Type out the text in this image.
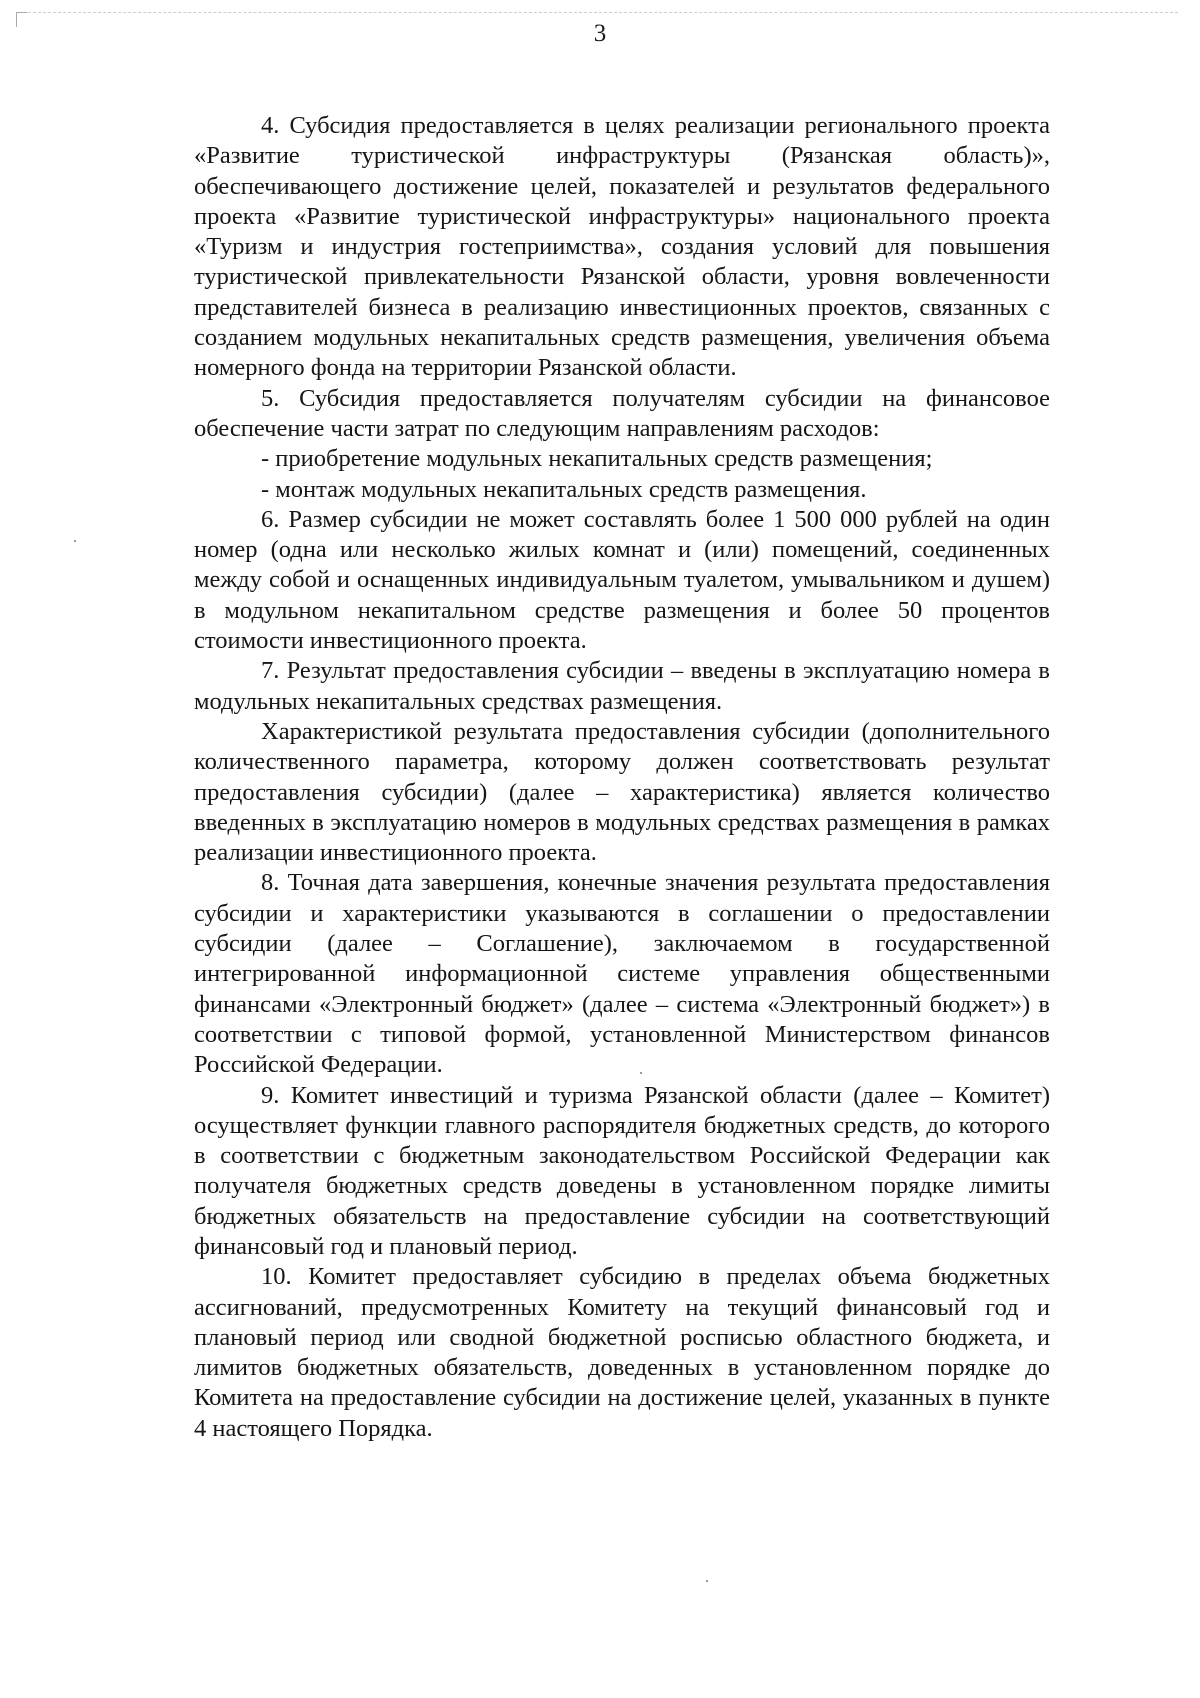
3

4. Субсидия предоставляется в целях реализации регионального проекта «Развитие туристической инфраструктуры (Рязанская область)», обеспечивающего достижение целей, показателей и результатов федерального проекта «Развитие туристической инфраструктуры» национального проекта «Туризм и индустрия гостеприимства», создания условий для повышения туристической привлекательности Рязанской области, уровня вовлеченности представителей бизнеса в реализацию инвестиционных проектов, связанных с созданием модульных некапитальных средств размещения, увеличения объема номерного фонда на территории Рязанской области.

5. Субсидия предоставляется получателям субсидии на финансовое обеспечение части затрат по следующим направлениям расходов:

- приобретение модульных некапитальных средств размещения;

- монтаж модульных некапитальных средств размещения.

6. Размер субсидии не может составлять более 1 500 000 рублей на один номер (одна или несколько жилых комнат и (или) помещений, соединенных между собой и оснащенных индивидуальным туалетом, умывальником и душем) в модульном некапитальном средстве размещения и более 50 процентов стоимости инвестиционного проекта.

7. Результат предоставления субсидии – введены в эксплуатацию номера в модульных некапитальных средствах размещения.

Характеристикой результата предоставления субсидии (дополнительного количественного параметра, которому должен соответствовать результат предоставления субсидии) (далее – характеристика) является количество введенных в эксплуатацию номеров в модульных средствах размещения в рамках реализации инвестиционного проекта.

8. Точная дата завершения, конечные значения результата предоставления субсидии и характеристики указываются в соглашении о предоставлении субсидии (далее – Соглашение), заключаемом в государственной интегрированной информационной системе управления общественными финансами «Электронный бюджет» (далее – система «Электронный бюджет») в соответствии с типовой формой, установленной Министерством финансов Российской Федерации.

9. Комитет инвестиций и туризма Рязанской области (далее – Комитет) осуществляет функции главного распорядителя бюджетных средств, до которого в соответствии с бюджетным законодательством Российской Федерации как получателя бюджетных средств доведены в установленном порядке лимиты бюджетных обязательств на предоставление субсидии на соответствующий финансовый год и плановый период.

10. Комитет предоставляет субсидию в пределах объема бюджетных ассигнований, предусмотренных Комитету на текущий финансовый год и плановый период или сводной бюджетной росписью областного бюджета, и лимитов бюджетных обязательств, доведенных в установленном порядке до Комитета на предоставление субсидии на достижение целей, указанных в пункте 4 настоящего Порядка.
